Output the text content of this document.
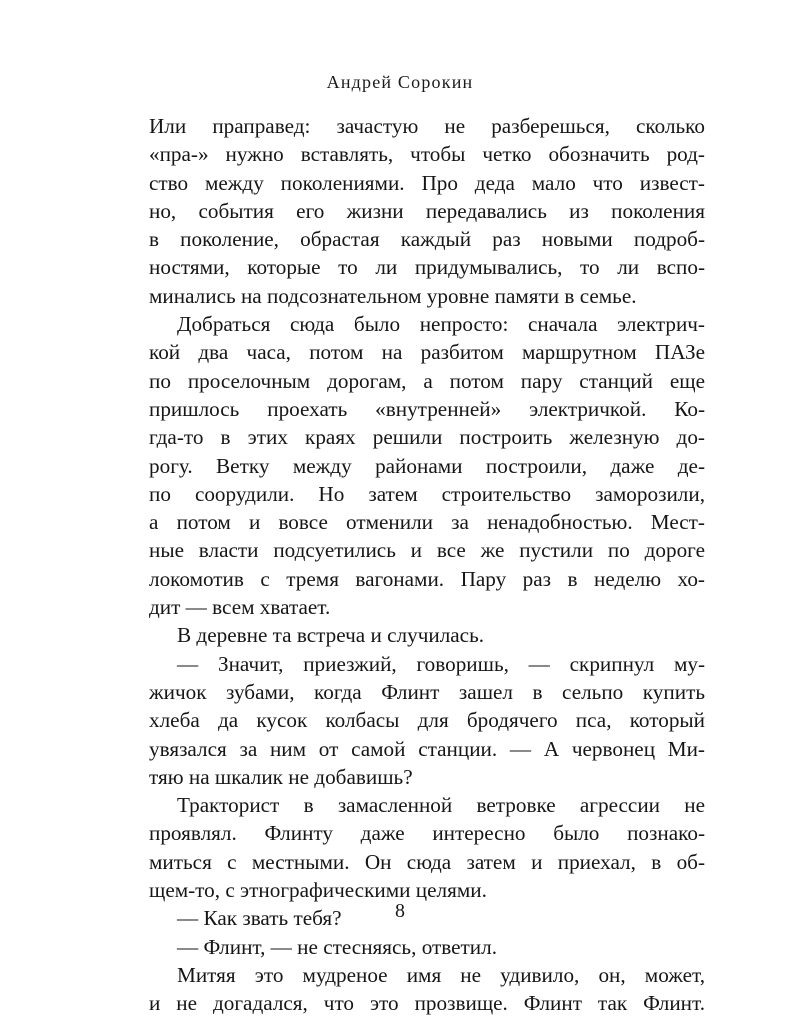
Андрей Сорокин
Или праправед: зачастую не разберешься, сколько
«пра-» нужно вставлять, чтобы четко обозначить род-
ство между поколениями. Про деда мало что извест-
но, события его жизни передавались из поколения
в поколение, обрастая каждый раз новыми подроб-
ностями, которые то ли придумывались, то ли вспо-
минались на подсознательном уровне памяти в семье.
Добраться сюда было непросто: сначала электрич-
кой два часа, потом на разбитом маршрутном ПАЗе
по проселочным дорогам, а потом пару станций еще
пришлось проехать «внутренней» электричкой. Ко-
гда-то в этих краях решили построить железную до-
рогу. Ветку между районами построили, даже де-
по соорудили. Но затем строительство заморозили,
а потом и вовсе отменили за ненадобностью. Мест-
ные власти подсуетились и все же пустили по дороге
локомотив с тремя вагонами. Пару раз в неделю хо-
дит — всем хватает.
В деревне та встреча и случилась.
— Значит, приезжий, говоришь, — скрипнул му-
жичок зубами, когда Флинт зашел в сельпо купить
хлеба да кусок колбасы для бродячего пса, который
увязался за ним от самой станции. — А червонец Ми-
тяю на шкалик не добавишь?
Тракторист в замасленной ветровке агрессии не
проявлял. Флинту даже интересно было познако-
миться с местными. Он сюда затем и приехал, в об-
щем-то, с этнографическими целями.
— Как звать тебя?
— Флинт, — не стесняясь, ответил.
Митяя это мудреное имя не удивило, он, может,
и не догадался, что это прозвище. Флинт так Флинт.
8
